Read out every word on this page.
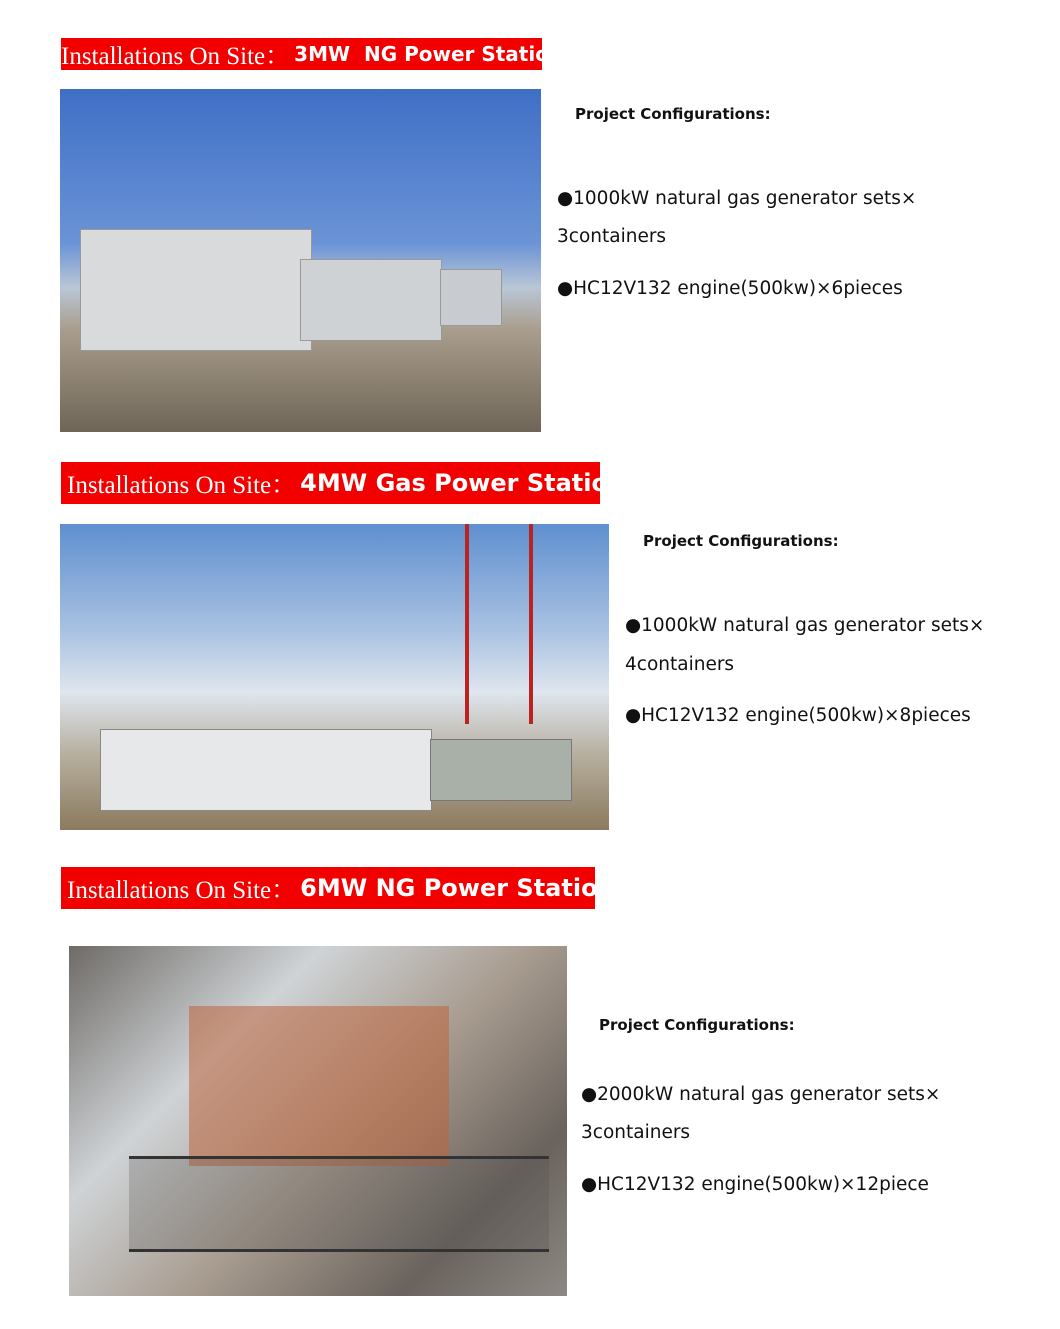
Installations On Site： 3MW  NG Power Station
Project Configurations:
●1000kW natural gas generator sets×
3containers
●HC12V132 engine(500kw)×6pieces
Installations On Site： 4MW Gas Power Station
Project Configurations:
●1000kW natural gas generator sets×
4containers
●HC12V132 engine(500kw)×8pieces
Installations On Site： 6MW NG Power Station
Project Configurations:
●2000kW natural gas generator sets×
3containers
●HC12V132 engine(500kw)×12piece
